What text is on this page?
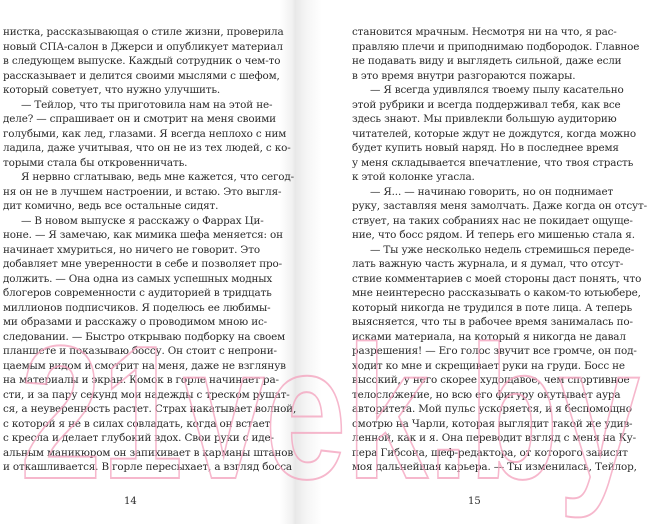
нистка, рассказывающая о стиле жизни, проверила
новый СПА-салон в Джерси и опубликует материал
в следующем выпуске. Каждый сотрудник о чем-то
рассказывает и делится своими мыслями с шефом,
который советует, что нужно улучшить.
— Тейлор, что ты приготовила нам на этой не-
деле? — спрашивает он и смотрит на меня своими
голубыми, как лед, глазами. Я всегда неплохо с ним
ладила, даже учитывая, что он не из тех людей, с ко-
торыми стала бы откровенничать.
Я нервно сглатываю, ведь мне кажется, что сегод-
ня он не в лучшем настроении, и встаю. Это выгля-
дит комично, ведь все остальные сидят.
— В новом выпуске я расскажу о Фаррах Ци-
ноне. — Я замечаю, как мимика шефа меняется: он
начинает хмуриться, но ничего не говорит. Это
добавляет мне уверенности в себе и позволяет про-
должить. — Она одна из самых успешных модных
блогеров современности с аудиторией в тридцать
миллионов подписчиков. Я поделюсь ее любимы-
ми образами и расскажу о проводимом мною ис-
следовании. — Быстро открываю подборку на своем
планшете и показываю боссу. Он стоит с непрони-
цаемым видом и смотрит на меня, даже не взглянув
на материалы и экран. Комок в горле начинает ра-
сти, и за пару секунд мои надежды с треском рушат-
ся, а неуверенность растет. Страх накатывает волной,
с которой я не в силах совладать, когда он встает
с кресла и делает глубокий вдох. Свои руки с иде-
альным маникюром он запихивает в карманы штанов
и откашливается. В горле пересыхает, а взгляд босса
14
становится мрачным. Несмотря ни на что, я рас-
правляю плечи и приподнимаю подбородок. Главное
не подавать виду и выглядеть сильной, даже если
в это время внутри разгораются пожары.
— Я всегда удивлялся твоему пылу касательно
этой рубрики и всегда поддерживал тебя, как все
здесь знают. Мы привлекли большую аудиторию
читателей, которые ждут не дождутся, когда можно
будет купить новый наряд. Но в последнее время
у меня складывается впечатление, что твоя страсть
к этой колонке угасла.
— Я... — начинаю говорить, но он поднимает
руку, заставляя меня замолчать. Даже когда он отсут-
ствует, на таких собраниях нас не покидает ощуще-
ние, что босс рядом. И теперь его мишенью стала я.
— Ты уже несколько недель стремишься переде-
лать важную часть журнала, и я думал, что отсут-
ствие комментариев с моей стороны даст понять, что
мне неинтересно рассказывать о каком-то ютьюбере,
который никогда не трудился в поте лица. А теперь
выясняется, что ты в рабочее время занималась по-
исками материала, на который я никогда не давал
разрешения! — Его голос звучит все громче, он под-
ходит ко мне и скрещивает руки на груди. Босс не
высокий, у него скорее худощавое, чем спортивное
телосложение, но всю его фигуру окутывает аура
авторитета. Мой пульс ускоряется, и я беспомощно
смотрю на Чарли, которая выглядит такой же удив-
ленной, как и я. Она переводит взгляд с меня на Ку-
пера Гибсона, шеф-редактора, от которого зависит
моя дальнейшая карьера. — Ты изменилась, Тейлор,
15
21vek.by
